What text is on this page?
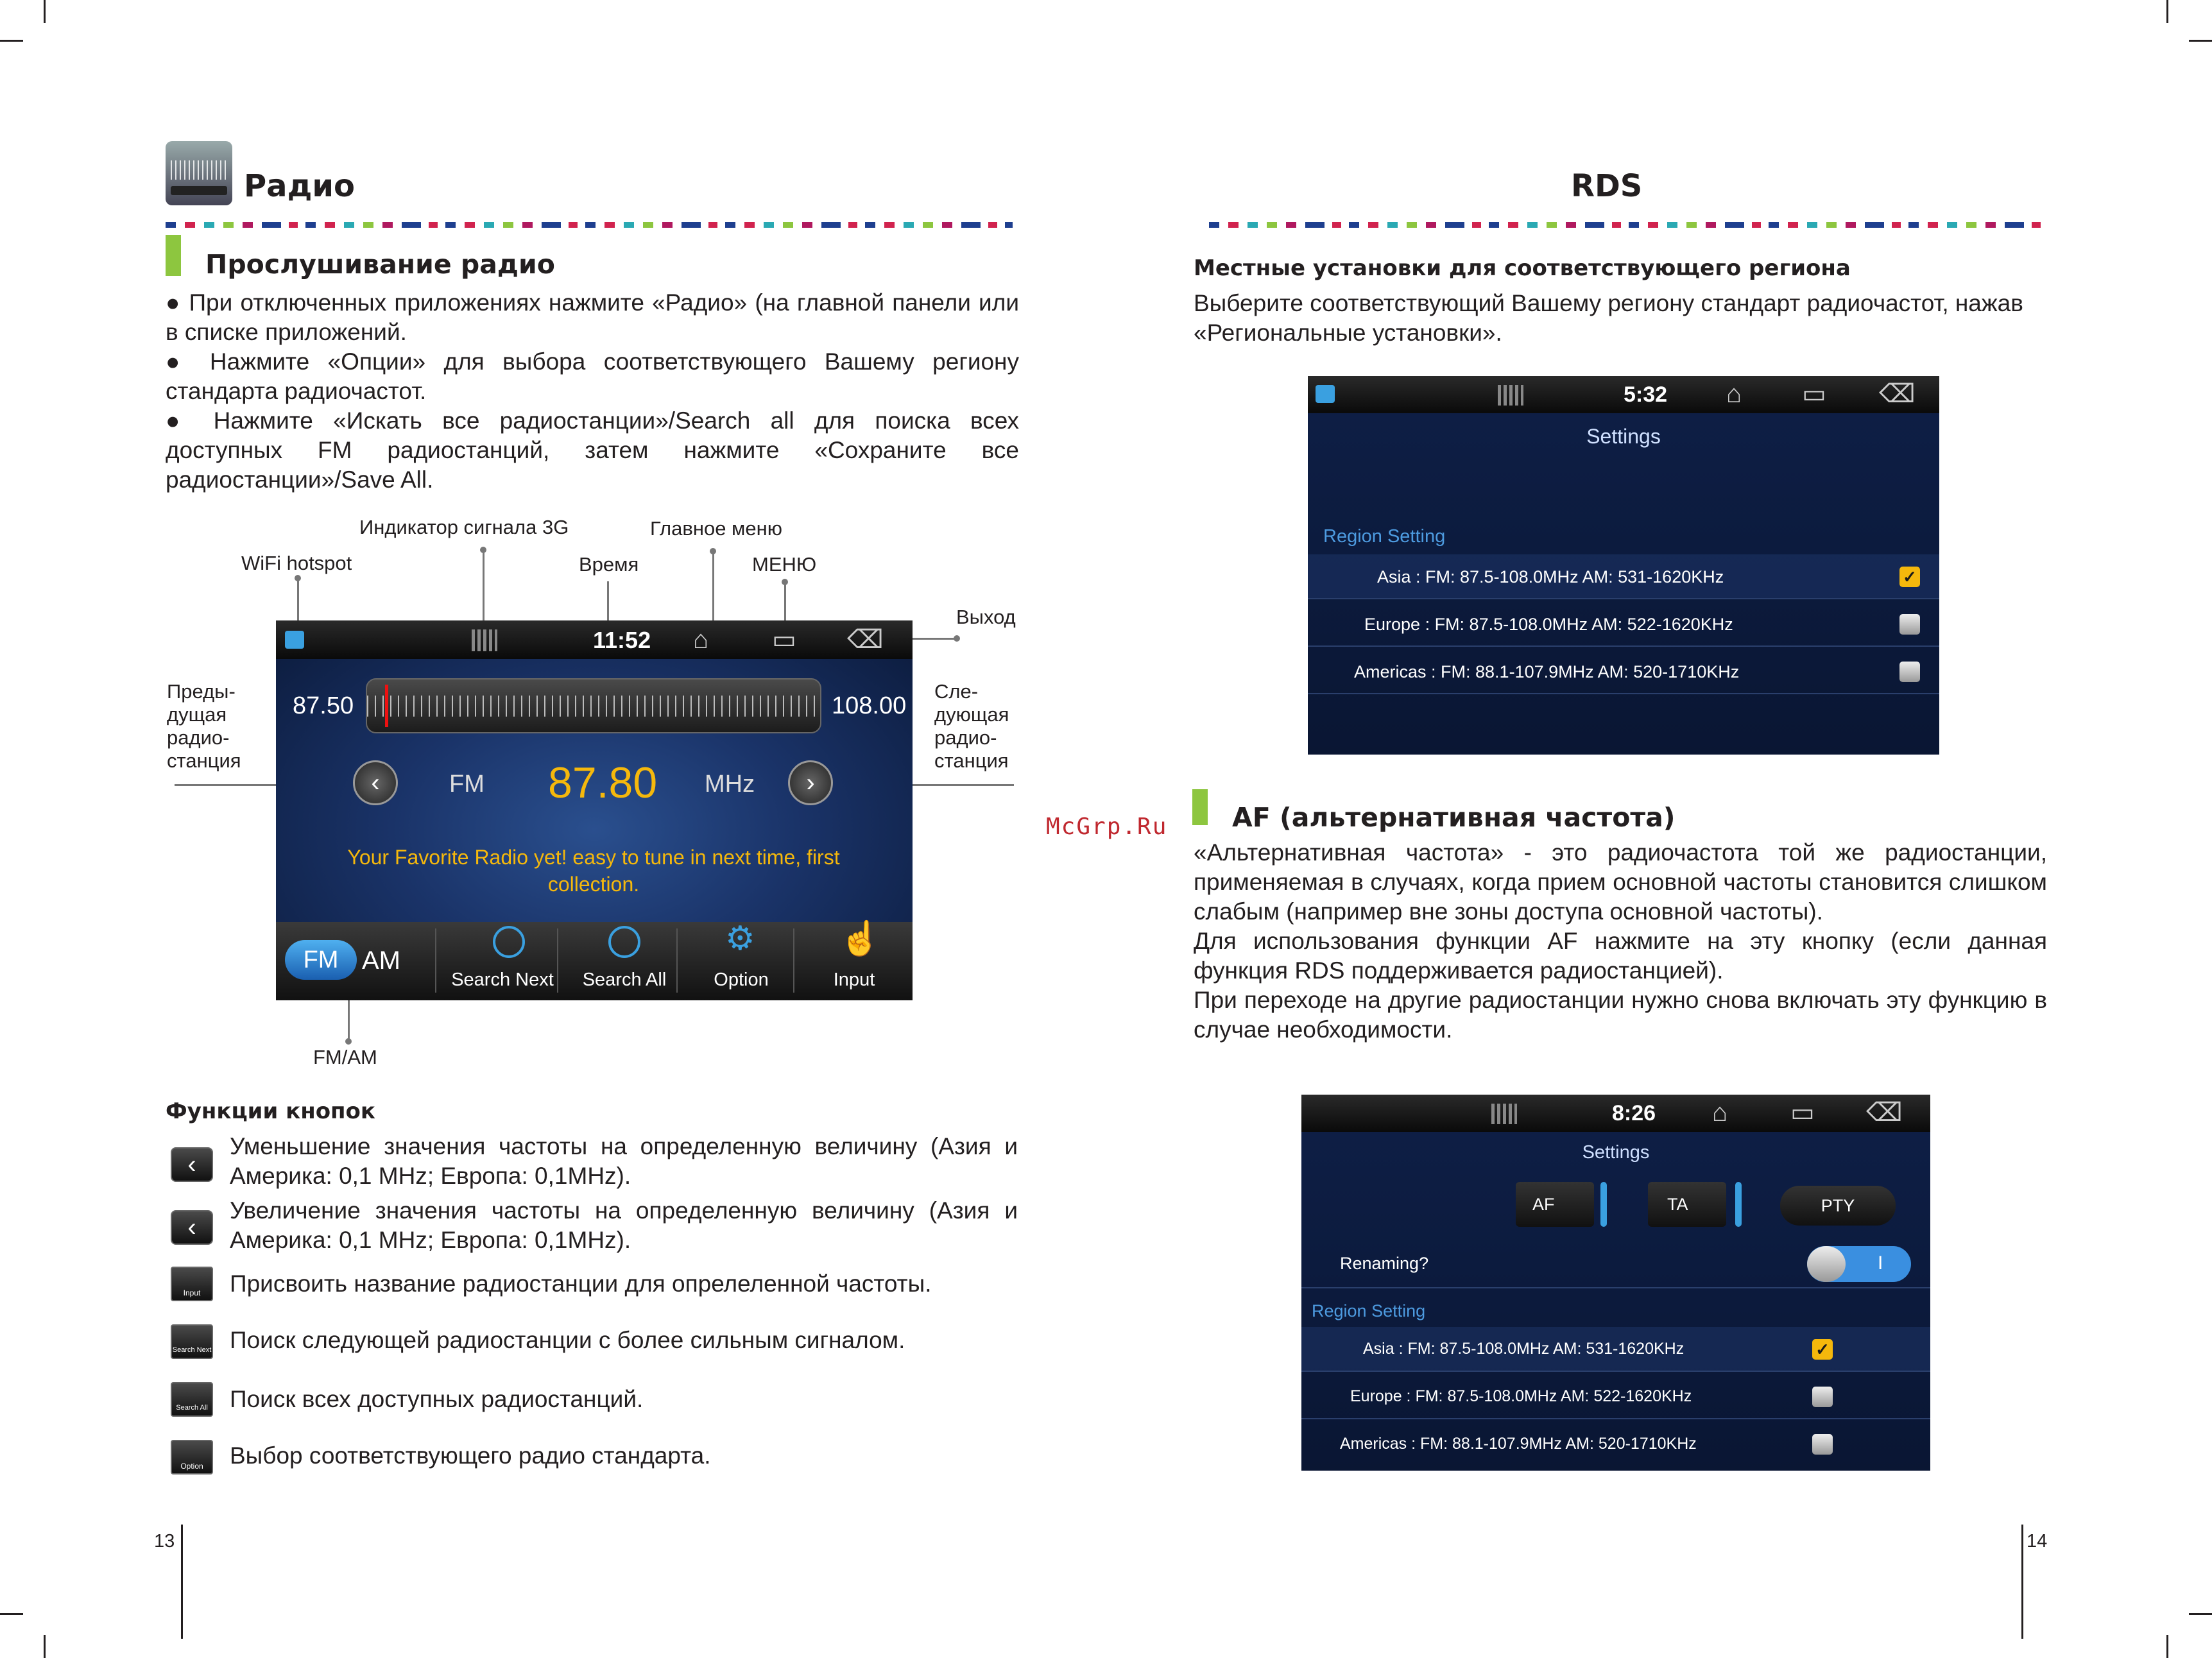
Радио
Прослушивание радио

● При отключенных приложениях нажмите «Радио» (на главной панели или в списке приложений.

● Нажмите «Опции» для выбора соответствующего Вашему региону стандарта радиочастот.

● Нажмите «Искать все радиостанции»/Search all для поиска всех доступных FM радиостанций, затем нажмите «Сохраните все радиостанции»/Save All.

Индикатор сигнала 3G	Главное меню
WiFi hotspot	Время	МЕНЮ
Выход
Преды-
дущая
радио-
станция
Сле-
дующая
радио-
станция
FM/AM
11:52 ⌂ ▭ ⌫
87.50	108.00
‹	FM 87.80 MHz	›
Your Favorite Radio yet! easy to tune in next time, first collection.
FM AM
Search Next	Search All
⚙
Option
☝
Input
Функции кнопок
‹
Уменьшение значения частоты на определенную величину (Азия и Америка: 0,1 MHz; Европа: 0,1MHz).
‹
Увеличение значения частоты на определенную величину (Азия и Америка: 0,1 MHz; Европа: 0,1MHz).
Input	Присвоить название радиостанции для опрелеленной частоты.
Search Next Поиск следующей радиостанции с более сильным сигналом.
Search All Поиск всех доступных радиостанций.
Option	Выбор соответствующего радио стандарта.
13
RDS
Местные установки для соответствующего региона
Выберите соответствующий Вашему региону стандарт радиочастот, нажав «Региональные установки».
5:32 ⌂ ▭ ⌫
Settings
Region Setting
Asia : FM: 87.5-108.0MHz AM: 531-1620KHz	✓
Europe : FM: 87.5-108.0MHz AM: 522-1620KHz
Americas : FM: 88.1-107.9MHz AM: 520-1710KHz
McGrp.Ru AF (альтернативная частота)

«Альтернативная частота» - это радиочастота той же радиостанции, применяемая в случаях, когда прием основной частоты становится слишком слабым (например вне зоны доступа основной частоты).

Для использования функции AF нажмите на эту кнопку (если данная функция RDS поддерживается радиостанцией).

При переходе на другие радиостанции нужно снова включать эту функцию в случае необходимости.

8:26 ⌂ ▭ ⌫
Settings
AF	TA	PTY
Renaming?	I
Region Setting
Asia : FM: 87.5-108.0MHz AM: 531-1620KHz	✓
Europe : FM: 87.5-108.0MHz AM: 522-1620KHz
Americas : FM: 88.1-107.9MHz AM: 520-1710KHz
14
